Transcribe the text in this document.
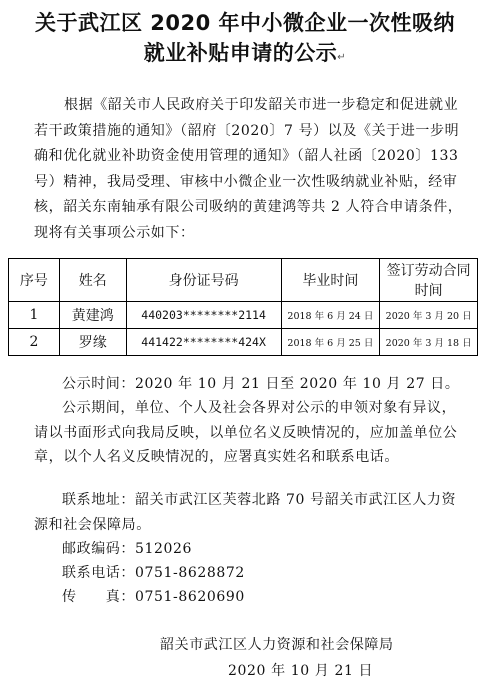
关于武江区 2020 年中小微企业一次性吸纳
就业补贴申请的公示↵
根据《韶关市人民政府关于印发韶关市进一步稳定和促进就业若干政策措施的通知》（韶府〔2020〕7 号）以及《关于进一步明确和优化就业补助资金使用管理的通知》（韶人社函〔2020〕133 号）精神，我局受理、审核中小微企业一次性吸纳就业补贴，经审核，韶关东南轴承有限公司吸纳的黄建鸿等共 2 人符合申请条件，现将有关事项公示如下：
序号	姓名	身份证号码	毕业时间	签订劳动合同时间
1	黄建鸿	440203********2114	2018 年 6 月 24 日	2020 年 3 月 20 日
2	罗缘	441422********424X	2018 年 6 月 25 日	2020 年 3 月 18 日
公示时间：2020 年 10 月 21 日至 2020 年 10 月 27 日。
公示期间，单位、个人及社会各界对公示的申领对象有异议，请以书面形式向我局反映，以单位名义反映情况的，应加盖单位公章，以个人名义反映情况的，应署真实姓名和联系电话。
联系地址：韶关市武江区芙蓉北路 70 号韶关市武江区人力资源和社会保障局。
邮政编码：512026
联系电话：0751-8628872
传　　真：0751-8620690
韶关市武江区人力资源和社会保障局
2020 年 10 月 21 日
